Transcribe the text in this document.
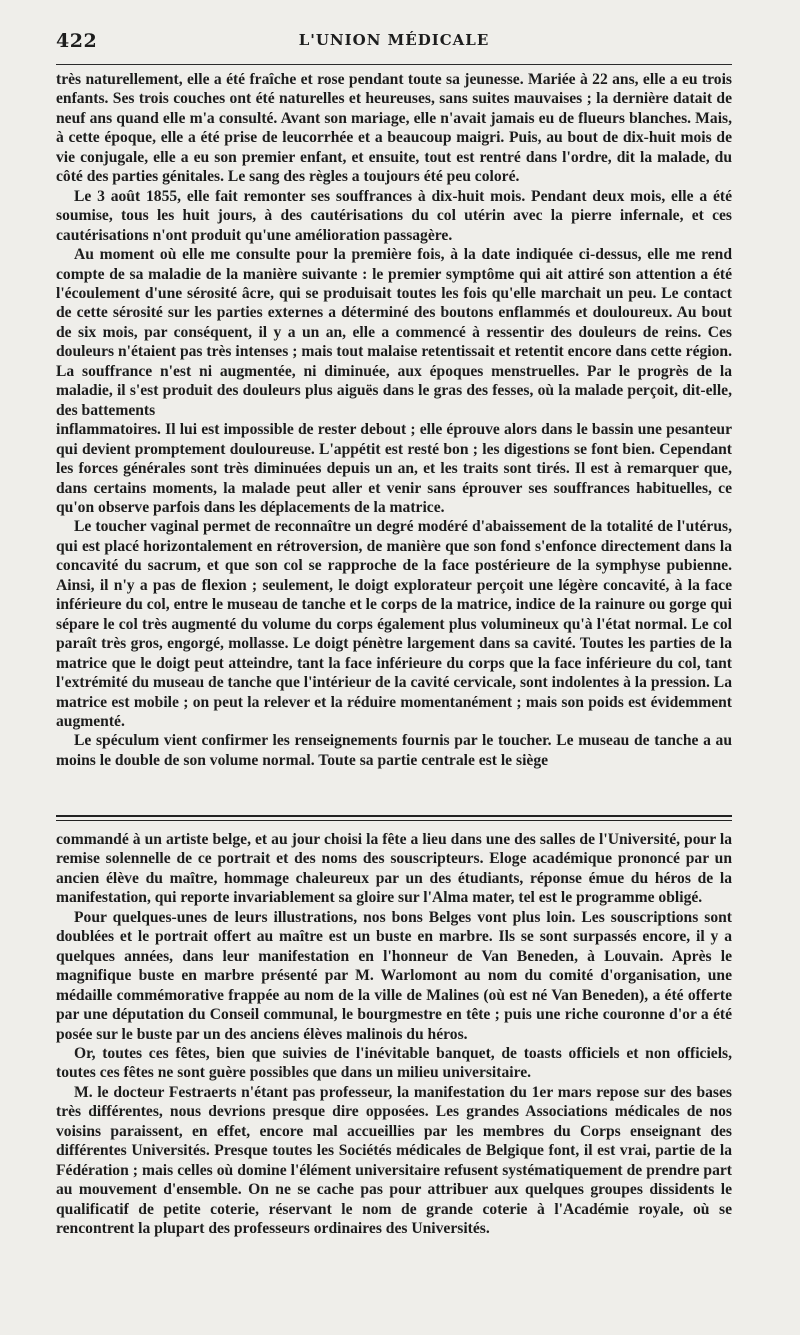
422	L'UNION MÉDICALE

très naturellement, elle a été fraîche et rose pendant toute sa jeunesse. Mariée à 22 ans, elle a eu trois enfants. Ses trois couches ont été naturelles et heureuses, sans suites mauvaises ; la dernière datait de neuf ans quand elle m'a consulté. Avant son mariage, elle n'avait jamais eu de flueurs blanches. Mais, à cette époque, elle a été prise de leucorrhée et a beaucoup maigri. Puis, au bout de dix-huit mois de vie conjugale, elle a eu son premier enfant, et ensuite, tout est rentré dans l'ordre, dit la malade, du côté des parties génitales. Le sang des règles a toujours été peu coloré.

Le 3 août 1855, elle fait remonter ses souffrances à dix-huit mois. Pendant deux mois, elle a été soumise, tous les huit jours, à des cautérisations du col utérin avec la pierre infernale, et ces cautérisations n'ont produit qu'une amélioration passagère.

Au moment où elle me consulte pour la première fois, à la date indiquée ci-dessus, elle me rend compte de sa maladie de la manière suivante : le premier symptôme qui ait attiré son attention a été l'écoulement d'une sérosité âcre, qui se produisait toutes les fois qu'elle marchait un peu. Le contact de cette sérosité sur les parties externes a déterminé des boutons enflammés et douloureux. Au bout de six mois, par conséquent, il y a un an, elle a commencé à ressentir des douleurs de reins. Ces douleurs n'étaient pas très intenses ; mais tout malaise retentissait et retentit encore dans cette région. La souffrance n'est ni augmentée, ni diminuée, aux époques menstruelles. Par le progrès de la maladie, il s'est produit des douleurs plus aiguës dans le gras des fesses, où la malade perçoit, dit-elle, des battements

inflammatoires. Il lui est impossible de rester debout ; elle éprouve alors dans le bassin une pesanteur qui devient promptement douloureuse. L'appétit est resté bon ; les digestions se font bien. Cependant les forces générales sont très diminuées depuis un an, et les traits sont tirés. Il est à remarquer que, dans certains moments, la malade peut aller et venir sans éprouver ses souffrances habituelles, ce qu'on observe parfois dans les déplacements de la matrice.

Le toucher vaginal permet de reconnaître un degré modéré d'abaissement de la totalité de l'utérus, qui est placé horizontalement en rétroversion, de manière que son fond s'enfonce directement dans la concavité du sacrum, et que son col se rapproche de la face postérieure de la symphyse pubienne. Ainsi, il n'y a pas de flexion ; seulement, le doigt explorateur perçoit une légère concavité, à la face inférieure du col, entre le museau de tanche et le corps de la matrice, indice de la rainure ou gorge qui sépare le col très augmenté du volume du corps également plus volumineux qu'à l'état normal. Le col paraît très gros, engorgé, mollasse. Le doigt pénètre largement dans sa cavité. Toutes les parties de la matrice que le doigt peut atteindre, tant la face inférieure du corps que la face inférieure du col, tant l'extrémité du museau de tanche que l'intérieur de la cavité cervicale, sont indolentes à la pression. La matrice est mobile ; on peut la relever et la réduire momentanément ; mais son poids est évidemment augmenté.

Le spéculum vient confirmer les renseignements fournis par le toucher. Le museau de tanche a au moins le double de son volume normal. Toute sa partie centrale est le siège

commandé à un artiste belge, et au jour choisi la fête a lieu dans une des salles de l'Université, pour la remise solennelle de ce portrait et des noms des souscripteurs. Eloge académique prononcé par un ancien élève du maître, hommage chaleureux par un des étudiants, réponse émue du héros de la manifestation, qui reporte invariablement sa gloire sur l'Alma mater, tel est le programme obligé.

Pour quelques-unes de leurs illustrations, nos bons Belges vont plus loin. Les souscriptions sont doublées et le portrait offert au maître est un buste en marbre. Ils se sont surpassés encore, il y a quelques années, dans leur manifestation en l'honneur de Van Beneden, à Louvain. Après le magnifique buste en marbre présenté par M. Warlomont au nom du comité d'organisation, une médaille commémorative frappée au nom de la ville de Malines (où est né Van Beneden), a été offerte par une députation du Conseil communal, le bourgmestre en tête ; puis une riche couronne d'or a été posée sur le buste par un des anciens élèves malinois du héros.

Or, toutes ces fêtes, bien que suivies de l'inévitable banquet, de toasts officiels et non officiels, toutes ces fêtes ne sont guère possibles que dans un milieu universitaire.

M. le docteur Festraerts n'étant pas professeur, la manifestation du 1er mars repose sur des bases très différentes, nous devrions presque dire opposées. Les grandes Associations médicales de nos voisins paraissent, en effet, encore mal accueillies par les membres du Corps enseignant des différentes Universités. Presque toutes les Sociétés médicales de Belgique font, il est vrai, partie de la Fédération ; mais celles où domine l'élément universitaire refusent systématiquement de prendre part au mouvement d'ensemble. On ne se cache pas pour attribuer aux quelques groupes dissidents le qualificatif de petite coterie, réservant le nom de grande coterie à l'Académie royale, où se rencontrent la plupart des professeurs ordinaires des Universités.
